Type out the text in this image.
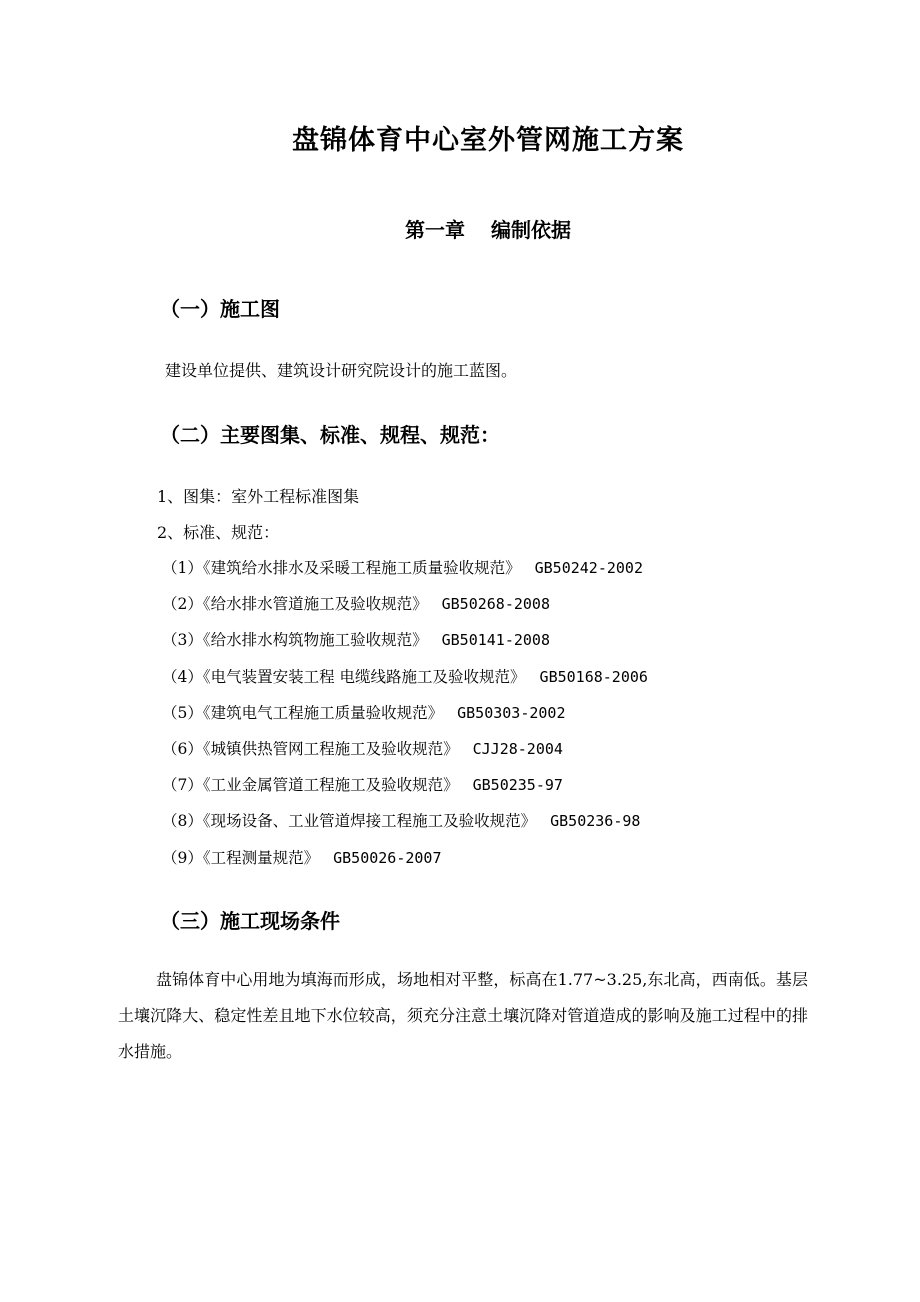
盘锦体育中心室外管网施工方案
第一章 编制依据
（一）施工图
建设单位提供、建筑设计研究院设计的施工蓝图。
（二）主要图集、标准、规程、规范：
1、图集：室外工程标准图集
2、标准、规范：
（1）《建筑给水排水及采暖工程施工质量验收规范》 GB50242-2002
（2）《给水排水管道施工及验收规范》 GB50268-2008
（3）《给水排水构筑物施工验收规范》 GB50141-2008
（4）《电气装置安装工程 电缆线路施工及验收规范》 GB50168-2006
（5）《建筑电气工程施工质量验收规范》 GB50303-2002
（6）《城镇供热管网工程施工及验收规范》 CJJ28-2004
（7）《工业金属管道工程施工及验收规范》 GB50235-97
（8）《现场设备、工业管道焊接工程施工及验收规范》 GB50236-98
（9）《工程测量规范》 GB50026-2007
（三）施工现场条件
盘锦体育中心用地为填海而形成，场地相对平整，标高在1.77~3.25,东北高，西南低。基层土壤沉降大、稳定性差且地下水位较高，须充分注意土壤沉降对管道造成的影响及施工过程中的排水措施。
